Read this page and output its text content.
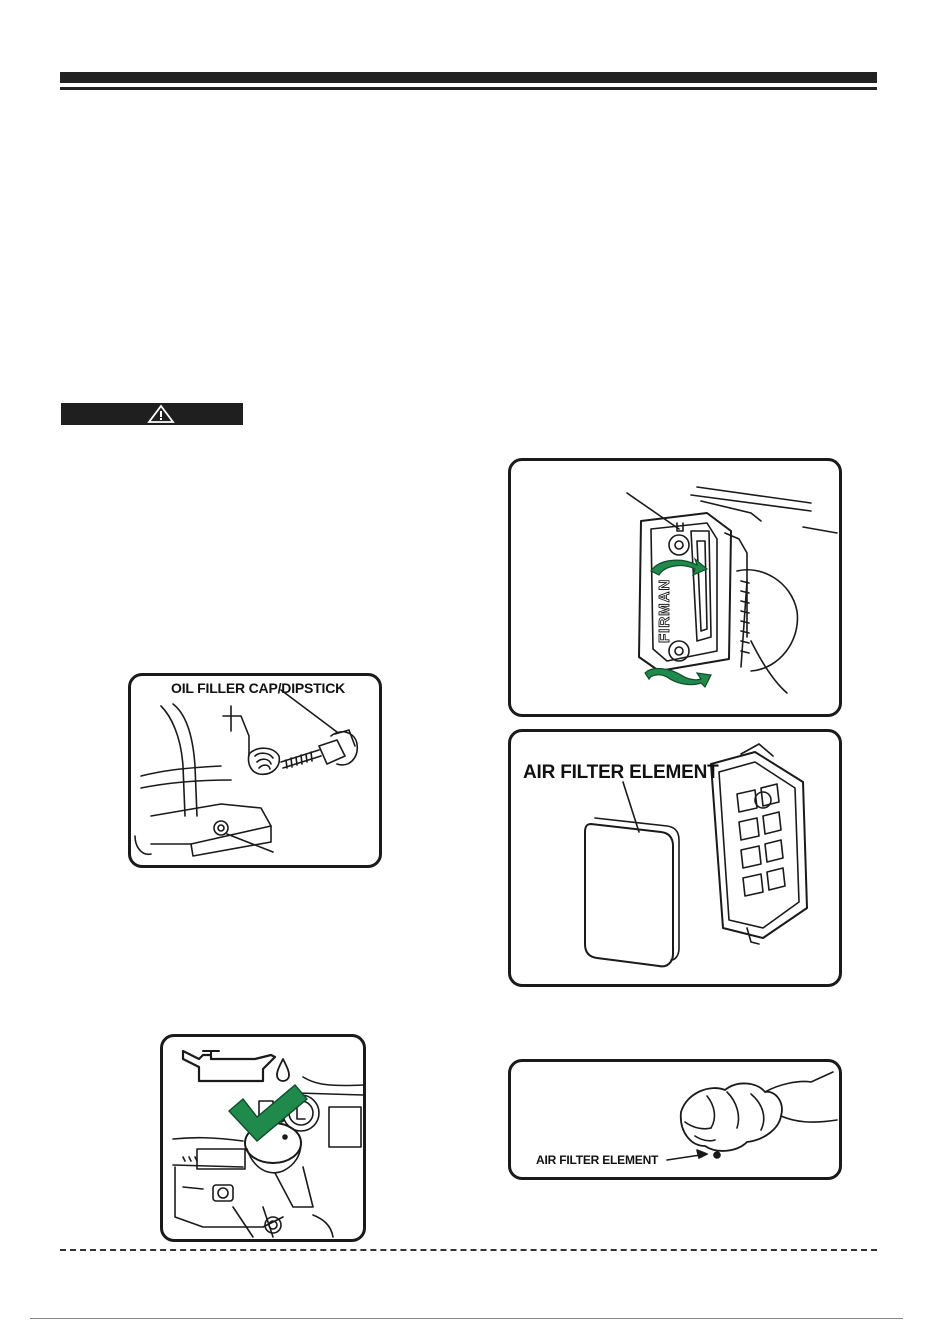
OIL FILLER CAP/DIPSTICK
FIRMAN
AIR FILTER ELEMENT
AIR FILTER ELEMENT
